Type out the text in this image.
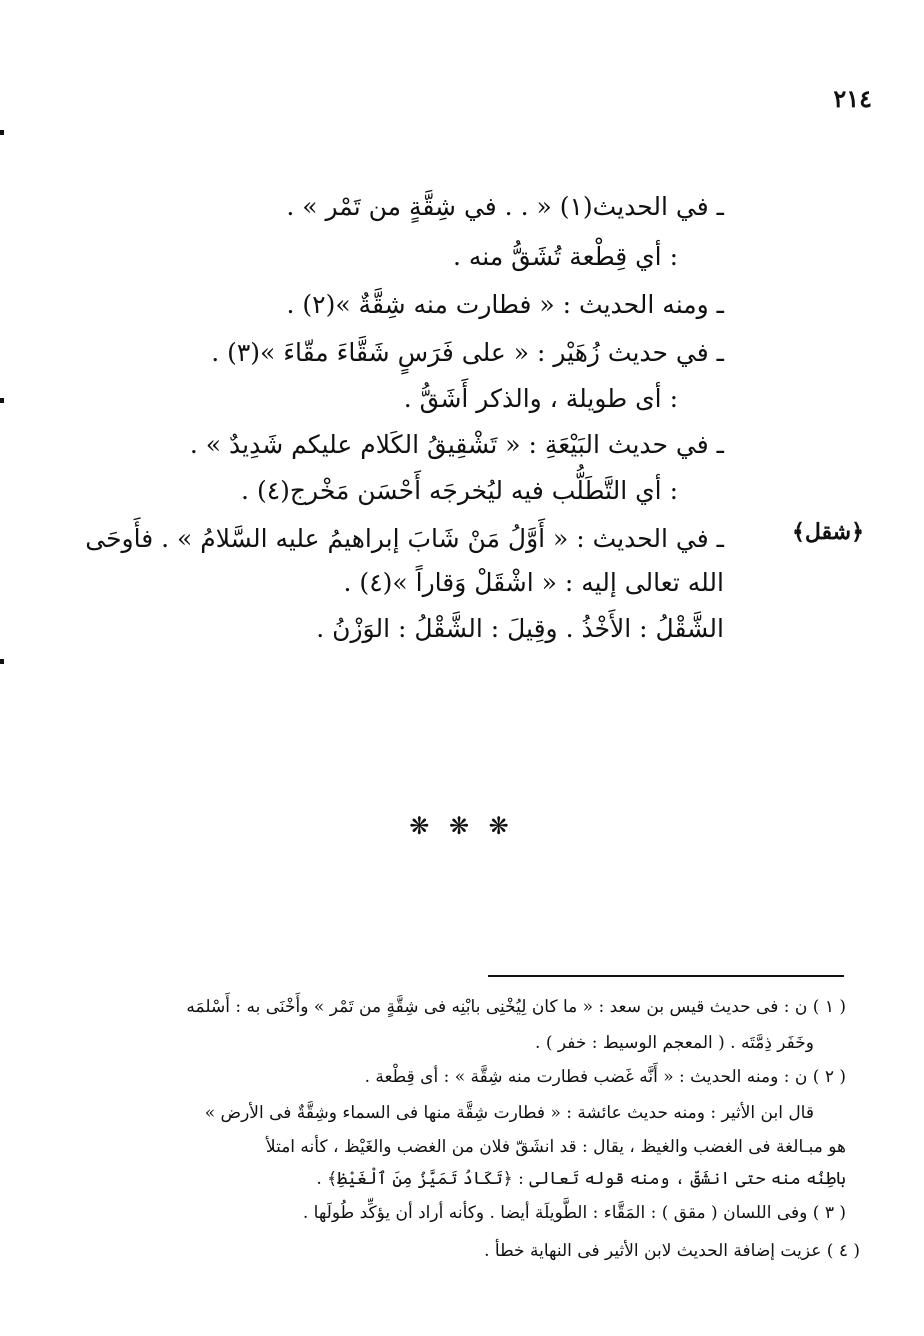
٢١٤
ـ في الحديث(١) « . . في شِقَّةٍ من تَمْر » .
: أي قِطْعة تُشَقُّ منه .
ـ ومنه الحديث : « فطارت منه شِقَّةٌ »(٢) .
ـ في حديث زُهَيْر : « على فَرَسٍ شَقَّاءَ مقّاءَ »(٣) .
: أى طويلة ، والذكر أَشَقُّ .
ـ في حديث البَيْعَةِ : « تَشْقِيقُ الكَلام عليكم شَدِيدٌ » .
: أي التَّطَلُّب فيه ليُخرجَه أَحْسَن مَخْرج(٤) .
﴿شقل﴾
ـ في الحديث : « أَوَّلُ مَنْ شَابَ إبراهيمُ عليه السَّلامُ » . فأَوحَى
الله تعالى إليه : « اشْقَلْ وَقاراً »(٤) .
الشَّقْلُ : الأَخْذُ . وقِيلَ : الشَّقْلُ : الوَزْنُ .
❋ ❋ ❋
( ١ ) ن : فى حديث قيس بن سعد : « ما كان لِيُخْنِى بابْنِه فى شِقَّةٍ من تَمْر » وأَخْنَى به : أَسْلمَه
وخَفَر ذِمَّتَه . ( المعجم الوسيط : خفر ) .
( ٢ ) ن : ومنه الحديث : « أَنَّه غَضب فطارت منه شِقَّة » : أى قِطْعة .
قال ابن الأثير : ومنه حديث عائشة : « فطارت شِقَّة منها فى السماء وشِقَّةٌ فى الأرض »
هو مبـالغة فى الغضب والغيظ ، يقال : قد انشَقّ فلان من الغضب والغَيْظ ، كأنه امتلأ
باطِنُه منه حتى انشَقّ ، ومنه قوله تَعالى : ﴿تَكَادُ تَمَيَّزُ مِنَ ٱلْغَيْظِ﴾ .
( ٣ ) وفى اللسان ( مقق ) : المَقَّاء : الطَّويلَة أيضا . وكأنه أراد أن يؤكِّد طُولَها .
( ٤ ) عزيت إضافة الحديث لابن الأثير فى النهاية خطأ .
